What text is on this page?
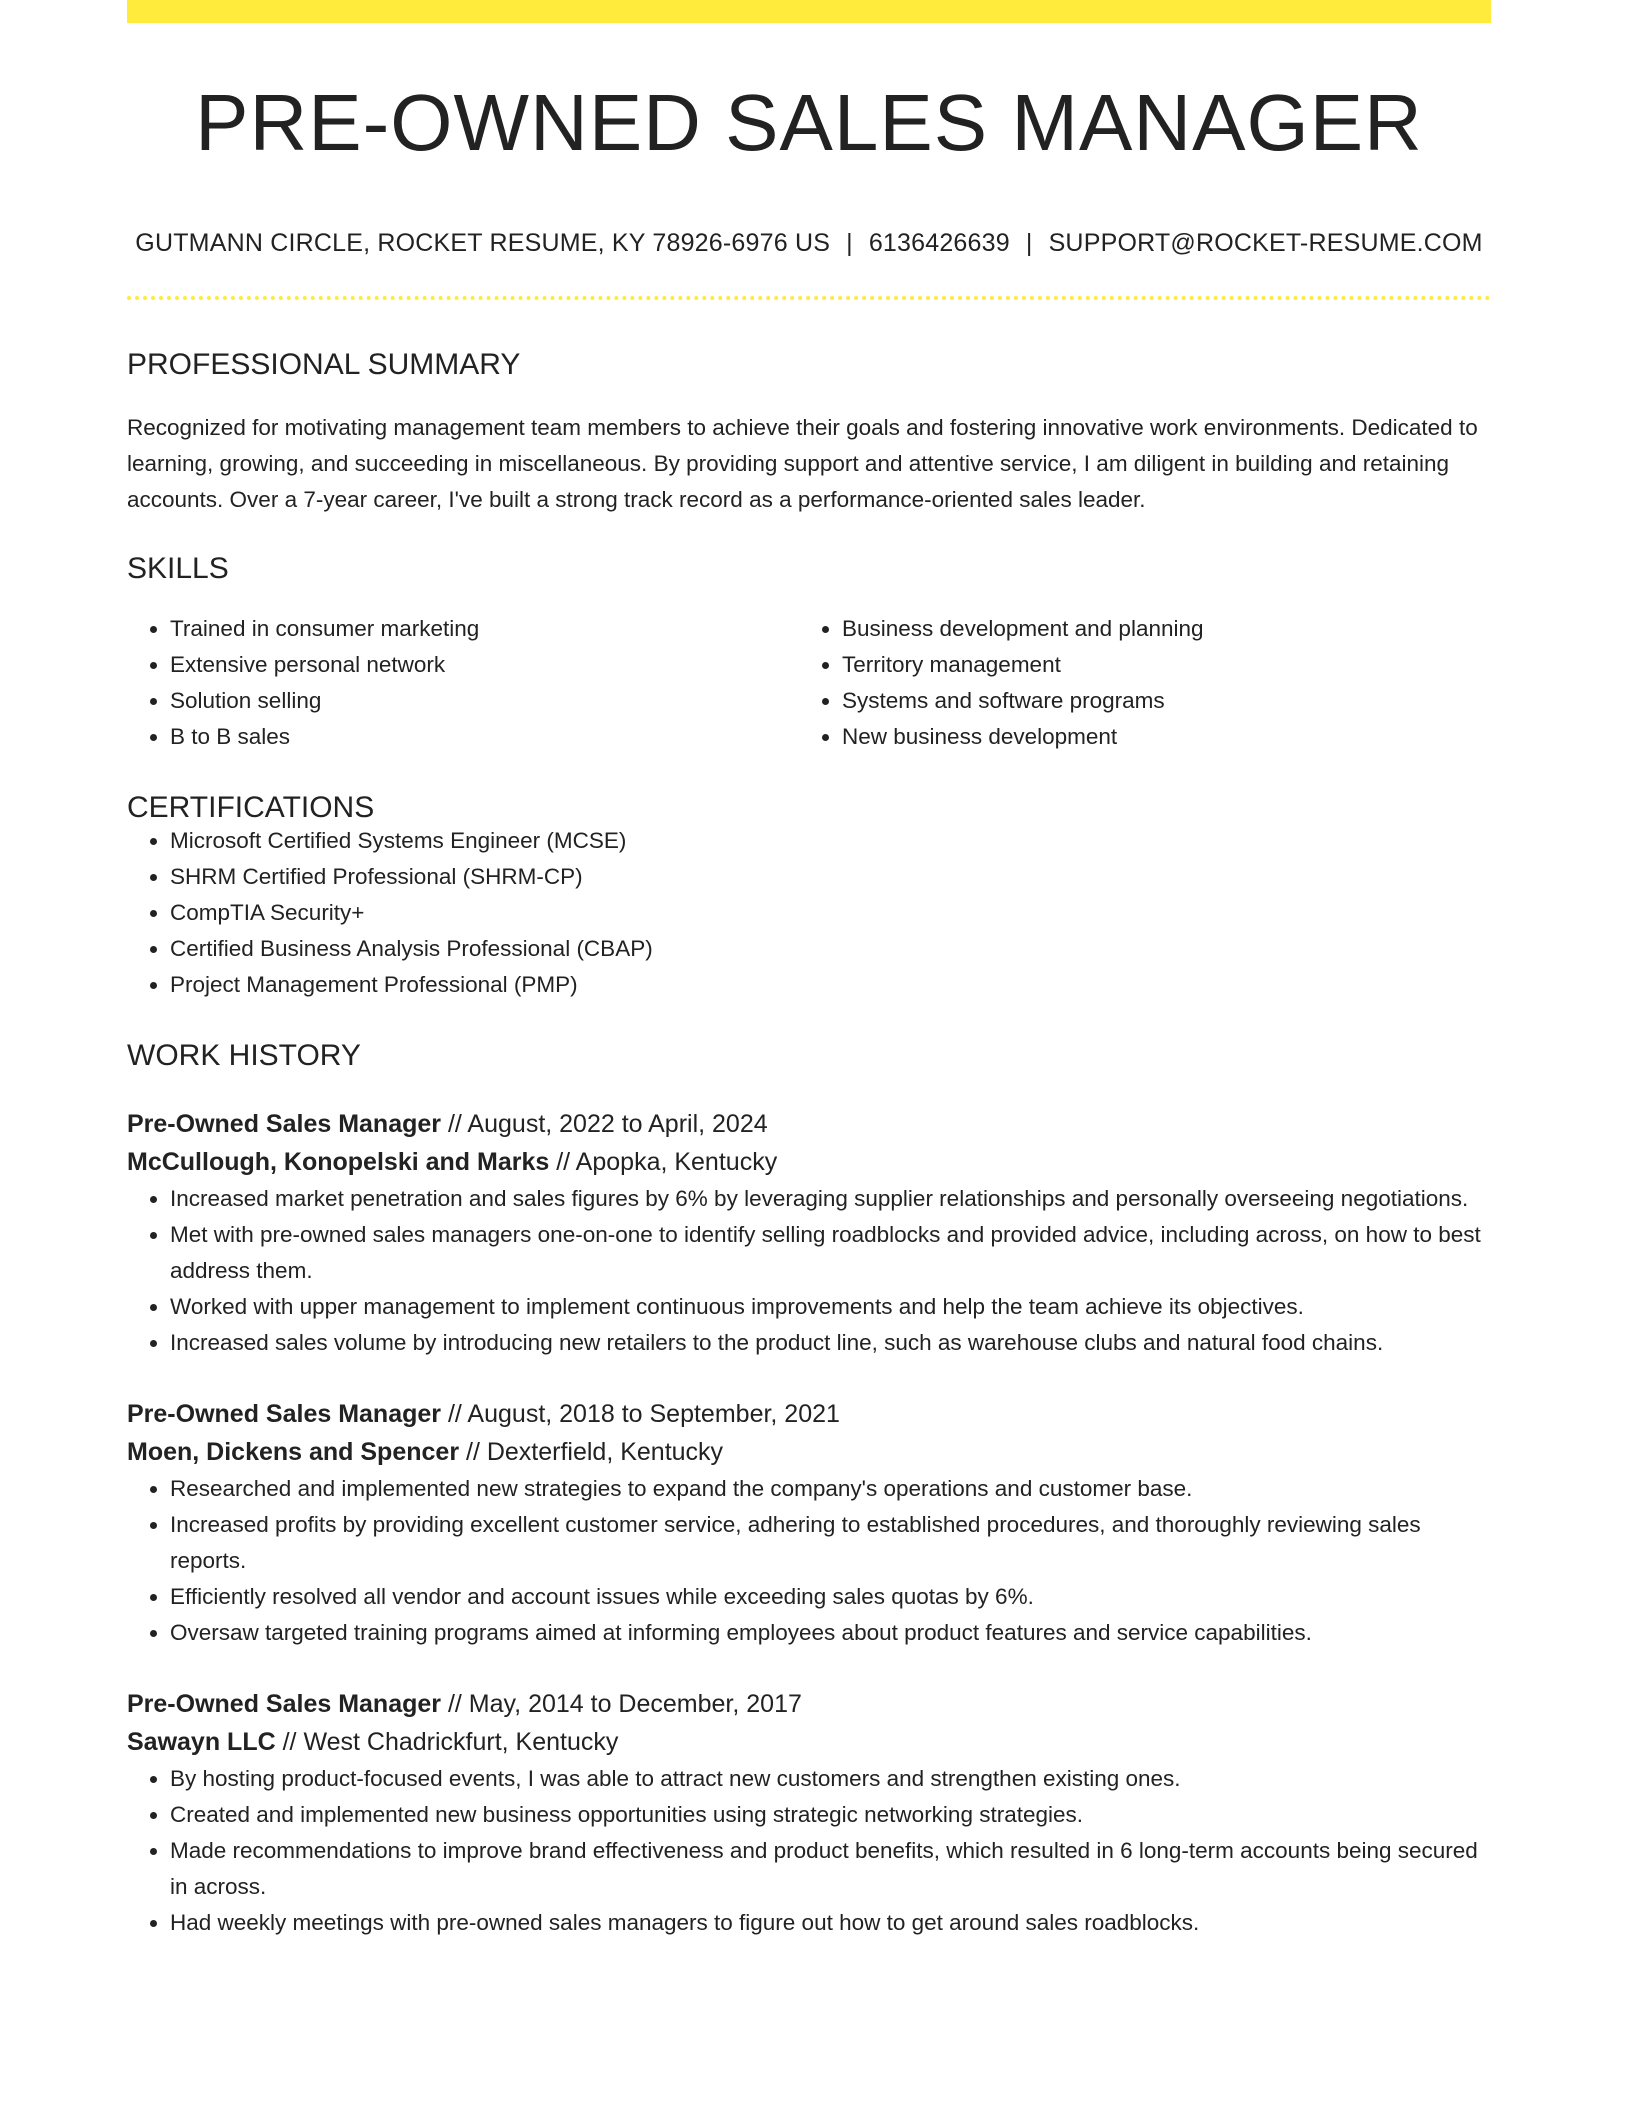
PRE-OWNED SALES MANAGER
GUTMANN CIRCLE, ROCKET RESUME, KY 78926-6976 US | 6136426639 | SUPPORT@ROCKET-RESUME.COM
PROFESSIONAL SUMMARY

Recognized for motivating management team members to achieve their goals and fostering innovative work environments. Dedicated to learning, growing, and succeeding in miscellaneous. By providing support and attentive service, I am diligent in building and retaining accounts. Over a 7-year career, I've built a strong track record as a performance-oriented sales leader.

SKILLS
• Trained in consumer marketing
• Extensive personal network
• Solution selling
• B to B sales
• Business development and planning
• Territory management
• Systems and software programs
• New business development
CERTIFICATIONS
• Microsoft Certified Systems Engineer (MCSE)
• SHRM Certified Professional (SHRM-CP)
• CompTIA Security+
• Certified Business Analysis Professional (CBAP)
• Project Management Professional (PMP)
WORK HISTORY
Pre-Owned Sales Manager // August, 2022 to April, 2024
McCullough, Konopelski and Marks // Apopka, Kentucky
• Increased market penetration and sales figures by 6% by leveraging supplier relationships and personally overseeing negotiations.
• Met with pre-owned sales managers one-on-one to identify selling roadblocks and provided advice, including across, on how to best address them.
• Worked with upper management to implement continuous improvements and help the team achieve its objectives.
• Increased sales volume by introducing new retailers to the product line, such as warehouse clubs and natural food chains.
Pre-Owned Sales Manager // August, 2018 to September, 2021
Moen, Dickens and Spencer // Dexterfield, Kentucky
• Researched and implemented new strategies to expand the company's operations and customer base.
• Increased profits by providing excellent customer service, adhering to established procedures, and thoroughly reviewing sales reports.
• Efficiently resolved all vendor and account issues while exceeding sales quotas by 6%.
• Oversaw targeted training programs aimed at informing employees about product features and service capabilities.
Pre-Owned Sales Manager // May, 2014 to December, 2017
Sawayn LLC // West Chadrickfurt, Kentucky
• By hosting product-focused events, I was able to attract new customers and strengthen existing ones.
• Created and implemented new business opportunities using strategic networking strategies.
• Made recommendations to improve brand effectiveness and product benefits, which resulted in 6 long-term accounts being secured in across.
• Had weekly meetings with pre-owned sales managers to figure out how to get around sales roadblocks.
